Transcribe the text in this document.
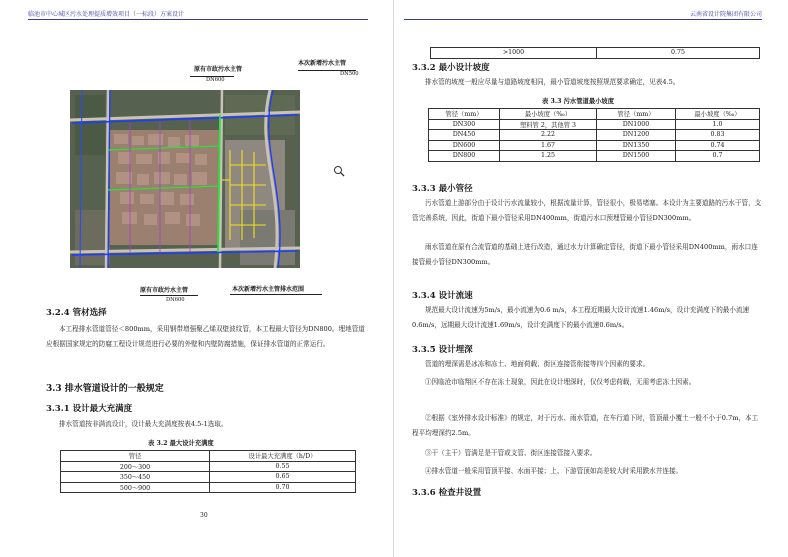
临池市中心城区污水处理提质增效项目（一标段）方案设计
原有市政污水主管
DN600
本次新增污水主管
DN500
原有市政污水主管
DN600
本次新增污水主管排水范围
3.2.4 管材选择
本工程排水管道管径＜800mm，采用钢带增强聚乙烯双壁波纹管，本工程最大管径为DN800。埋地管道应根据国家规定的防腐工程设计规范进行必要的外壁和内壁防腐措施，保证排水管道的正常运行。
3.3 排水管道设计的一般规定
3.3.1 设计最大充满度
排水管道按非满流设计，设计最大充满度按表4.5-1选取。
表 3.2 最大设计充满度
管径	设计最大充满度（h/D）
200～300	0.55
350～450	0.65
500～900	0.70
30
云南省设计院集团有限公司
>1000	0.75
3.3.2 最小设计坡度
排水管的坡度一般应尽量与道路坡度相同，最小管道坡度按照规范要求确定，见表4.5。
表 3.3 污水管道最小坡度
管径（mm）	最小坡度（‰）	管径（mm）	最小坡度（‰）
DN300	塑料管 2，其他管 3	DN1000	1.0
DN450	2.22	DN1200	0.83
DN600	1.67	DN1350	0.74
DN800	1.25	DN1500	0.7
3.3.3 最小管径
污水管道上游部分由于设计污水流量较小，根据流量计算，管径很小，极易堵塞。本设计为主要道路的污水干管，支管完善系统，因此，街道下最小管径采用DN400mm，街道污水口预埋管最小管径DN300mm。
雨水管道在原有合流管道的基础上进行改造，通过水力计算确定管径，街道下最小管径采用DN400mm，雨水口连接管最小管径DN300mm。
3.3.4 设计流速
规范最大设计流速为5m/s，最小流速为0.6 m/s，本工程近期最大设计流速1.46m/s，设计充满度下的最小流速0.6m/s，远期最大设计流速1.69m/s，设计充满度下的最小流速0.6m/s。
3.3.5 设计埋深
管道的埋深需是冰冻和冻土、地面荷载、街区连接管衔接等四个因素的要求。
①因临沧市临翔区不存在冻土现象，因此在设计埋深时，仅仅考虑荷载，无需考虑冻土因素。
②根据《室外排水设计标准》的规定，对于污水、雨水管道，在车行道下时，管顶最小覆土一般不小于0.7m，本工程平均埋深约2.5m。
③干（主干）管满足是干管或支管、街区连接管接入要求。
④排水管道一般采用管顶平接、水面平接；上、下游管顶如高差较大时采用跌水井连接。
3.3.6 检查井设置
